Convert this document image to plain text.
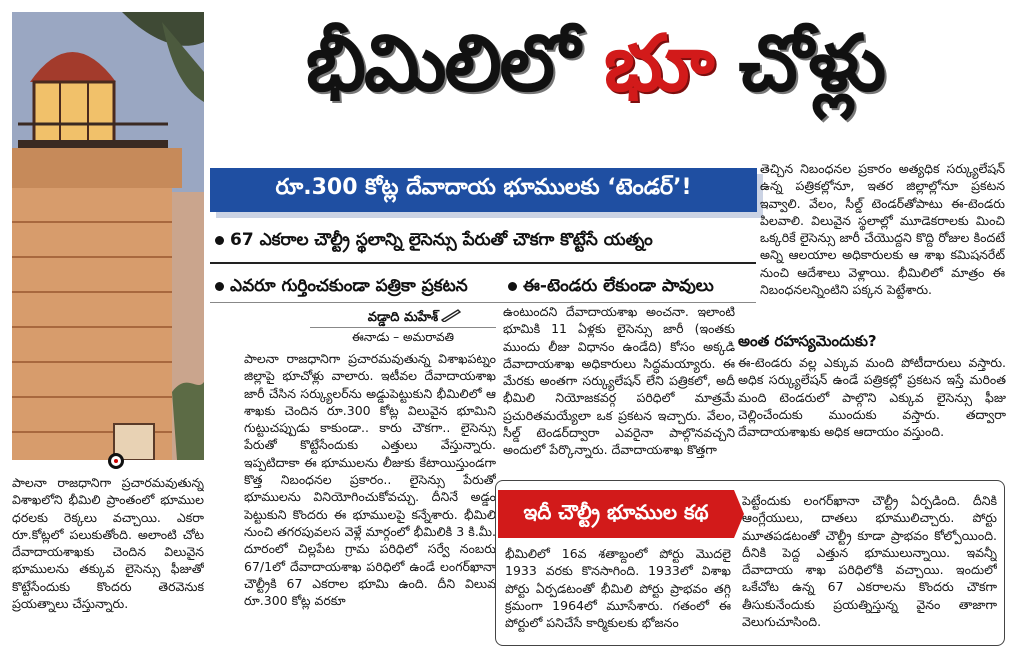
భీమిలిలో భూ చోళ్లు
రూ.300 కోట్ల దేవాదాయ భూములకు ‘టెండర్’!
67 ఎకరాల చౌల్ట్రీ స్థలాన్ని లైసెన్సు పేరుతో చౌకగా కొట్టేసే యత్నం
ఎవరూ గుర్తించకుండా పత్రికా ప్రకటన	ఈ-టెండరు లేకుండా పావులు
వడ్డాది మహేశ్
ఈనాడు – అమరావతి

పాలనా రాజధానిగా ప్రచారమవుతున్న విశాఖపట్నం జిల్లాపై భూచోళ్లు వాలారు. ఇటీవల దేవాదాయశాఖ జారీ చేసిన సర్క్యులర్‌ను అడ్డుపెట్టుకుని భీమిలిలో ఆ శాఖకు చెందిన రూ.300 కోట్ల విలువైన భూమిని గుట్టుచప్పుడు కాకుండా.. కారు చౌకగా.. లైసెన్సు పేరుతో కొట్టేసేందుకు ఎత్తులు వేస్తున్నారు. ఇప్పటిదాకా ఈ భూములను లీజుకు కేటాయిస్తుండగా కొత్త నిబంధనల ప్రకారం.. లైసెన్సు పేరుతో భూములను వినియోగించుకోవచ్చు. దీనినే అడ్డం పెట్టుకుని కొందరు ఈ భూములపై కన్నేశారు. భీమిలి నుంచి తగరపువలస వెళ్లే మార్గంలో భీమిలికి 3 కి.మీ. దూరంలో చిల్లపేట గ్రామ పరిధిలో సర్వే నంబరు 67/1లో దేవాదాయశాఖ పరిధిలో ఉండే లంగర్‌ఖానా చౌల్ట్రీకి 67 ఎకరాల భూమి ఉంది. దీని విలువ రూ.300 కోట్ల వరకూ

ఉంటుందని దేవాదాయశాఖ అంచనా. ఇలాంటి భూమికి 11 ఏళ్లకు లైసెన్సు జారీ (ఇంతకు ముందు లీజు విధానం ఉండేది) కోసం అక్కడి దేవాదాయశాఖ అధికారులు సిద్ధమయ్యారు. ఈ మేరకు అంతగా సర్క్యులేషన్ లేని పత్రికలో, అదీ భీమిలి నియోజకవర్గ పరిధిలో మాత్రమే ప్రచురితమయ్యేలా ఒక ప్రకటన ఇచ్చారు. వేలం, సీల్డ్ టెండర్‌ద్వారా ఎవరైనా పాల్గొనవచ్చని అందులో పేర్కొన్నారు. దేవాదాయశాఖ కొత్తగా

తెచ్చిన నిబంధనల ప్రకారం అత్యధిక సర్క్యులేషన్ ఉన్న పత్రికల్లోనూ, ఇతర జిల్లాల్లోనూ ప్రకటన ఇవ్వాలి. వేలం, సీల్డ్ టెండర్‌తోపాటు ఈ-టెండరు పిలవాలి. విలువైన స్థలాల్లో మూడెకరాలకు మించి ఒక్కరికే లైసెన్సు జారీ చేయొద్దని కొద్ది రోజుల కిందటే అన్ని ఆలయాల అధికారులకు ఆ శాఖ కమిషనరేట్ నుంచి ఆదేశాలు వెళ్లాయి. భీమిలిలో మాత్రం ఈ నిబంధనలన్నింటిని పక్కన పెట్టేశారు.

అంత రహస్యమెందుకు?

ఈ-టెండరు వల్ల ఎక్కువ మంది పోటీదారులు వస్తారు. అధిక సర్క్యులేషన్ ఉండే పత్రికల్లో ప్రకటన ఇస్తే మరింత మంది టెండరులో పాల్గొని ఎక్కువ లైసెన్సు ఫీజు చెల్లించేందుకు ముందుకు వస్తారు. తద్వారా దేవాదాయశాఖకు అధిక ఆదాయం వస్తుంది.

పాలనా రాజధానిగా ప్రచారమవుతున్న విశాఖలోని భీమిలి ప్రాంతంలో భూముల ధరలకు రెక్కలు వచ్చాయి. ఎకరా రూ.కోట్లలో పలుకుతోంది. అలాంటి చోట దేవాదాయశాఖకు చెందిన విలువైన భూములను తక్కువ లైసెన్సు ఫీజుతో కొట్టేసేందుకు కొందరు తెరవెనుక ప్రయత్నాలు చేస్తున్నారు.

ఇదీ చౌల్ట్రీ భూముల కథ

భీమిలిలో 16వ శతాబ్దంలో పోర్టు మొదలై 1933 వరకు కొనసాగింది. 1933లో విశాఖ పోర్టు ఏర్పడటంతో భీమిలి పోర్టు ప్రాభవం తగ్గి క్రమంగా 1964లో మూసేశారు. గతంలో ఈ పోర్టులో పనిచేసే కార్మికులకు భోజనం

పెట్టేందుకు లంగర్‌ఖానా చౌల్ట్రీ ఏర్పడింది. దీనికి ఆంగ్లేయులు, దాతలు భూములిచ్చారు. పోర్టు మూతపడటంతో చౌల్ట్రీ కూడా ప్రాభవం కోల్పోయింది. దీనికి పెద్ద ఎత్తున భూములున్నాయి. ఇవన్నీ దేవాదాయ శాఖ పరిధిలోకి వచ్చాయి. ఇందులో ఒకేచోట ఉన్న 67 ఎకరాలను కొందరు చౌకగా తీసుకునేందుకు ప్రయత్నిస్తున్న వైనం తాజాగా వెలుగుచూసింది.
